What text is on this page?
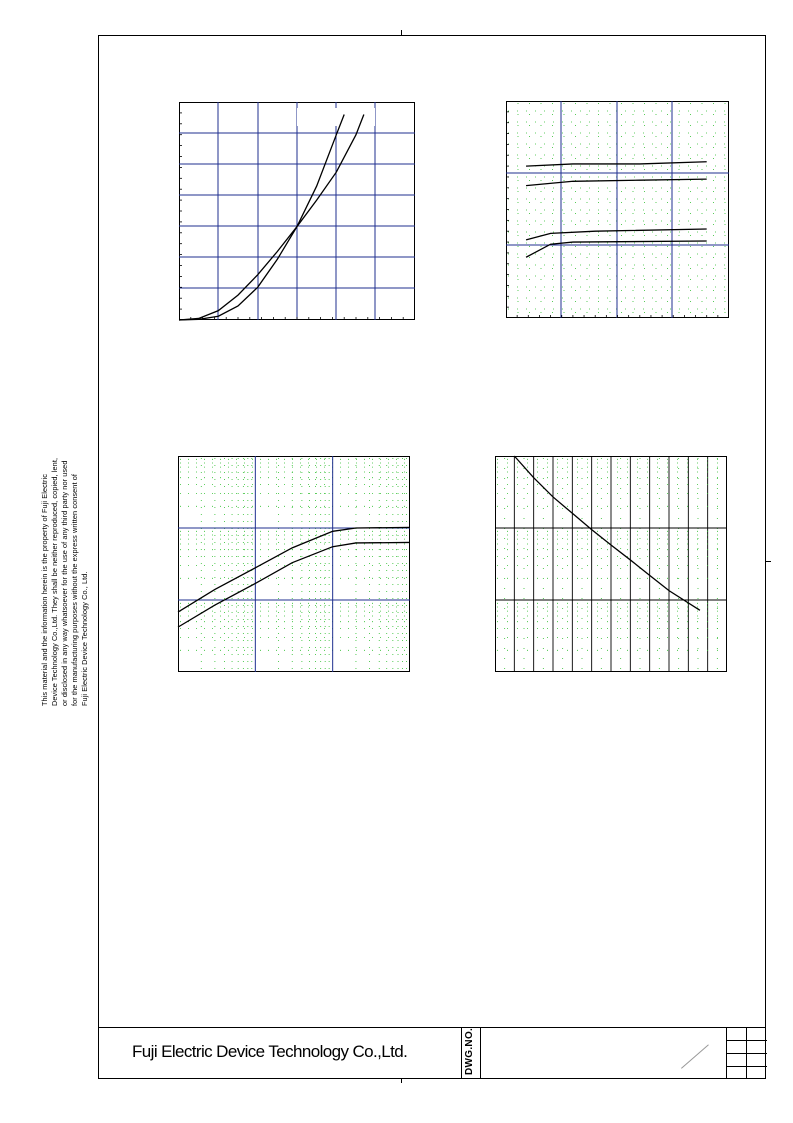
This material and the information herein is the property of Fuji Electric Device Technology Co.,Ltd. They shall be neither reproduced, copied, lent, or disclosed in any way whatsoever for the use of any third party nor used for the manufacturing purposes without the express written consent of Fuji Electric Device Technology Co., Ltd.
Fuji Electric Device Technology Co.,Ltd.	DWG.NO.
